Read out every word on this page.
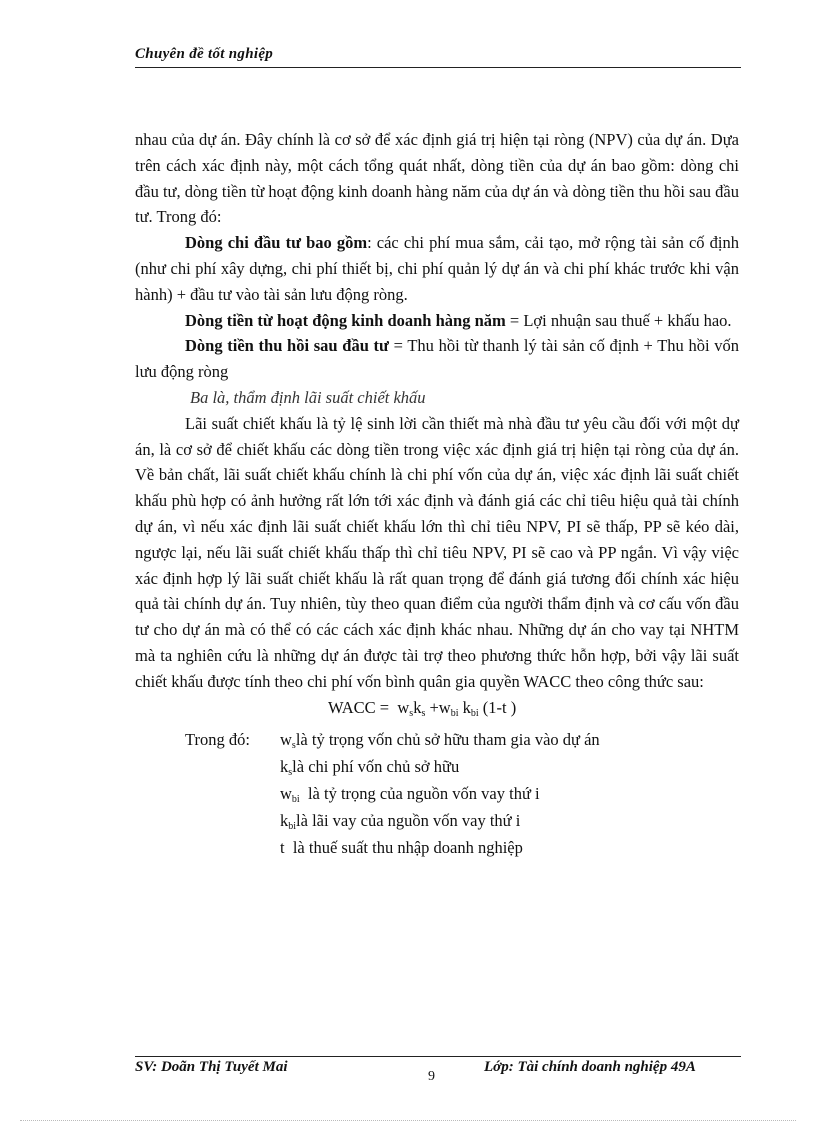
Chuyên đề tốt nghiệp

nhau của dự án. Đây chính là cơ sở để xác định giá trị hiện tại ròng (NPV) của dự án. Dựa trên cách xác định này, một cách tổng quát nhất, dòng tiền của dự án bao gồm: dòng chi đầu tư, dòng tiền từ hoạt động kinh doanh hàng năm của dự án và dòng tiền thu hồi sau đầu tư. Trong đó:

Dòng chi đầu tư bao gồm: các chi phí mua sắm, cải tạo, mở rộng tài sản cố định (như chi phí xây dựng, chi phí thiết bị, chi phí quản lý dự án và chi phí khác trước khi vận hành) + đầu tư vào tài sản lưu động ròng.

Dòng tiền từ hoạt động kinh doanh hàng năm = Lợi nhuận sau thuế + khấu hao.

Dòng tiền thu hồi sau đầu tư = Thu hồi từ thanh lý tài sản cố định + Thu hồi vốn lưu động ròng

Ba là, thẩm định lãi suất chiết khấu

Lãi suất chiết khấu là tỷ lệ sinh lời cần thiết mà nhà đầu tư yêu cầu đối với một dự án, là cơ sở để chiết khấu các dòng tiền trong việc xác định giá trị hiện tại ròng của dự án. Về bản chất, lãi suất chiết khấu chính là chi phí vốn của dự án, việc xác định lãi suất chiết khấu phù hợp có ảnh hưởng rất lớn tới xác định và đánh giá các chỉ tiêu hiệu quả tài chính dự án, vì nếu xác định lãi suất chiết khấu lớn thì chỉ tiêu NPV, PI sẽ thấp, PP sẽ kéo dài, ngược lại, nếu lãi suất chiết khấu thấp thì chỉ tiêu NPV, PI sẽ cao và PP ngắn. Vì vậy việc xác định hợp lý lãi suất chiết khấu là rất quan trọng để đánh giá tương đối chính xác hiệu quả tài chính dự án. Tuy nhiên, tùy theo quan điểm của người thẩm định và cơ cấu vốn đầu tư cho dự án mà có thể có các cách xác định khác nhau. Những dự án cho vay tại NHTM mà ta nghiên cứu là những dự án được tài trợ theo phương thức hỗn hợp, bởi vậy lãi suất chiết khấu được tính theo chi phí vốn bình quân gia quyền WACC theo công thức sau:

WACC = $w_sk_s +w_{bi}$ $k_{bi}$ (1-t )

Trong đó:	$w_slà$ tỷ trọng vốn chủ sở hữu tham gia vào dự án
$k_slà$ chi phí vốn chủ sở hữu
$w_{bi}$  là tỷ trọng của nguồn vốn vay thứ i
$k_{bi}là$ lãi vay của nguồn vốn vay thứ i
t  là thuế suất thu nhập doanh nghiệp
SV: Doãn Thị Tuyết Mai	Lớp: Tài chính doanh nghiệp 49A
9
